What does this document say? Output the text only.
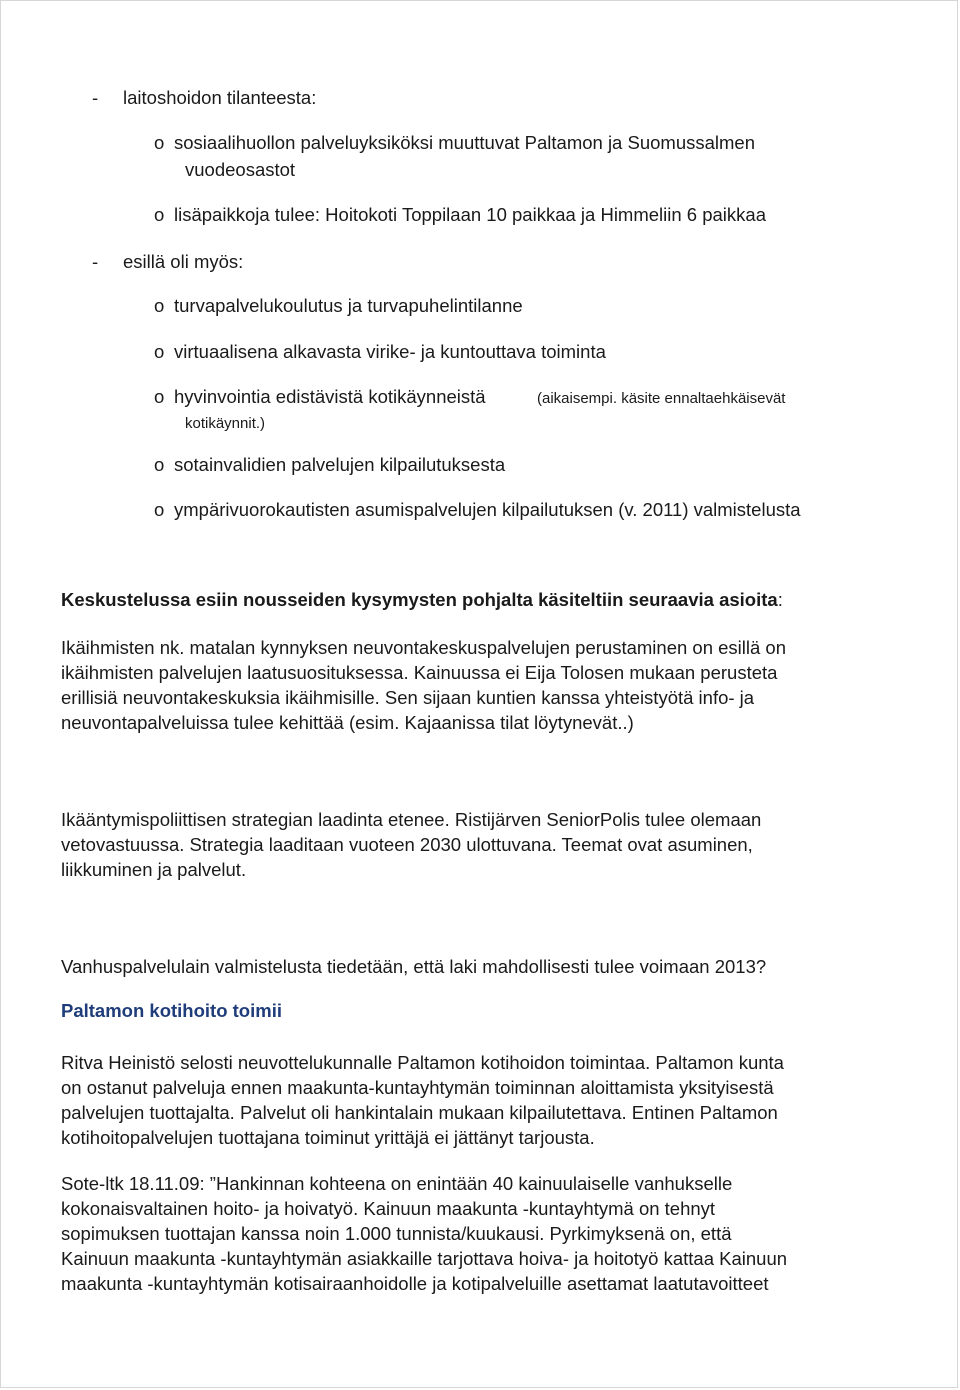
- laitoshoidon tilanteesta:
o sosiaalihuollon palveluyksiköksi muuttuvat Paltamon ja Suomussalmen
vuodeosastot
o lisäpaikkoja tulee: Hoitokoti Toppilaan 10 paikkaa ja Himmeliin 6 paikkaa
- esillä oli myös:
o turvapalvelukoulutus ja turvapuhelintilanne
o virtuaalisena alkavasta virike- ja kuntouttava toiminta
o hyvinvointia edistävistä kotikäynneistä	(aikaisempi. käsite ennaltaehkäisevät
kotikäynnit.)
o sotainvalidien palvelujen kilpailutuksesta
o ympärivuorokautisten asumispalvelujen kilpailutuksen (v. 2011) valmistelusta
Keskustelussa esiin nousseiden kysymysten pohjalta käsiteltiin seuraavia asioita:

Ikäihmisten nk. matalan kynnyksen neuvontakeskuspalvelujen perustaminen on esillä on

ikäihmisten palvelujen laatusuosituksessa. Kainuussa ei Eija Tolosen mukaan perusteta

erillisiä neuvontakeskuksia ikäihmisille. Sen sijaan kuntien kanssa yhteistyötä info- ja

neuvontapalveluissa tulee kehittää (esim. Kajaanissa tilat löytynevät..)

Ikääntymispoliittisen strategian laadinta etenee. Ristijärven SeniorPolis tulee olemaan

vetovastuussa. Strategia laaditaan vuoteen 2030 ulottuvana. Teemat ovat asuminen,

liikkuminen ja palvelut.

Vanhuspalvelulain valmistelusta tiedetään, että laki mahdollisesti tulee voimaan 2013?

Paltamon kotihoito toimii

Ritva Heinistö selosti neuvottelukunnalle Paltamon kotihoidon toimintaa. Paltamon kunta

on ostanut palveluja ennen maakunta-kuntayhtymän toiminnan aloittamista yksityisestä

palvelujen tuottajalta. Palvelut oli hankintalain mukaan kilpailutettava. Entinen Paltamon

kotihoitopalvelujen tuottajana toiminut yrittäjä ei jättänyt tarjousta.

Sote-ltk 18.11.09: ”Hankinnan kohteena on enintään 40 kainuulaiselle vanhukselle

kokonaisvaltainen hoito- ja hoivatyö. Kainuun maakunta -kuntayhtymä on tehnyt

sopimuksen tuottajan kanssa noin 1.000 tunnista/kuukausi. Pyrkimyksenä on, että

Kainuun maakunta -kuntayhtymän asiakkaille tarjottava hoiva- ja hoitotyö kattaa Kainuun

maakunta -kuntayhtymän kotisairaanhoidolle ja kotipalveluille asettamat laatutavoitteet
